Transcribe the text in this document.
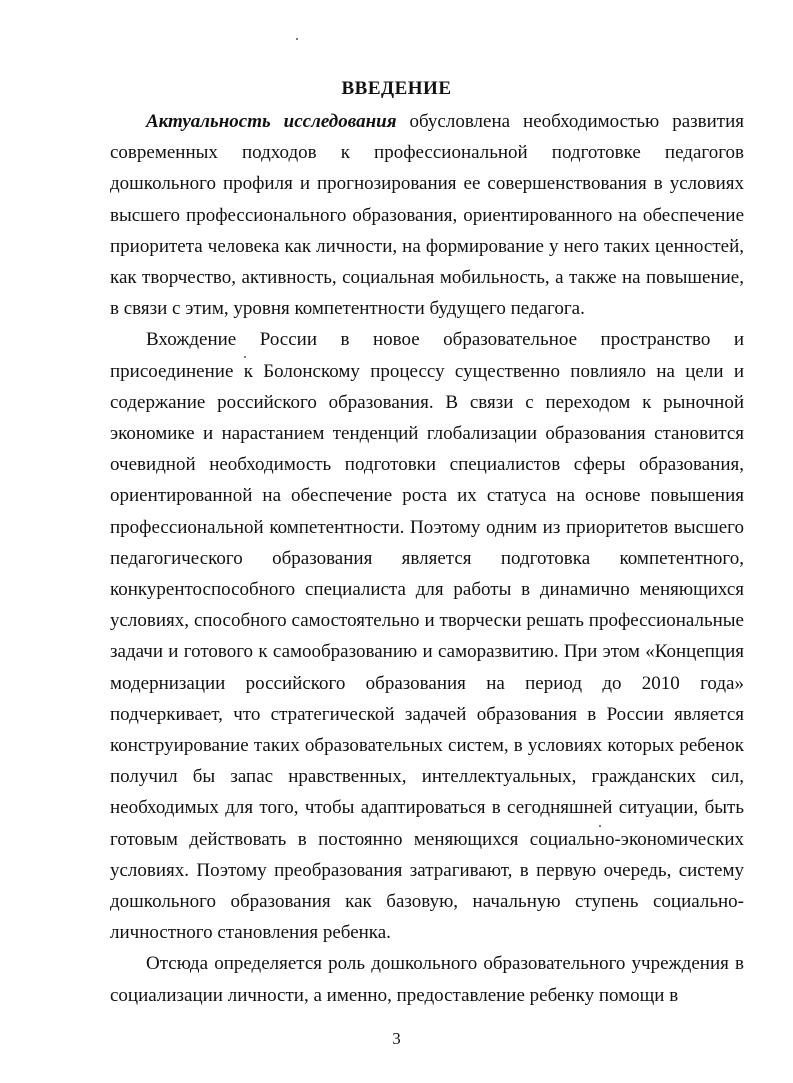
ВВЕДЕНИЕ

Актуальность исследования обусловлена необходимостью развития современных подходов к профессиональной подготовке педагогов дошкольного профиля и прогнозирования ее совершенствования в условиях высшего профессионального образования, ориентированного на обеспечение приоритета человека как личности, на формирование у него таких ценностей, как творчество, активность, социальная мобильность, а также на повышение, в связи с этим, уровня компетентности будущего педагога.

Вхождение России в новое образовательное пространство и присоединение к Болонскому процессу существенно повлияло на цели и содержание российского образования. В связи с переходом к рыночной экономике и нарастанием тенденций глобализации образования становится очевидной необходимость подготовки специалистов сферы образования, ориентированной на обеспечение роста их статуса на основе повышения профессиональной компетентности. Поэтому одним из приоритетов высшего педагогического образования является подготовка компетентного, конкурентоспособного специалиста для работы в динамично меняющихся условиях, способного самостоятельно и творчески решать профессиональные задачи и готового к самообразованию и саморазвитию. При этом «Концепция модернизации российского образования на период до 2010 года» подчеркивает, что стратегической задачей образования в России является конструирование таких образовательных систем, в условиях которых ребенок получил бы запас нравственных, интеллектуальных, гражданских сил, необходимых для того, чтобы адаптироваться в сегодняшней ситуации, быть готовым действовать в постоянно меняющихся социально-экономических условиях. Поэтому преобразования затрагивают, в первую очередь, систему дошкольного образования как базовую, начальную ступень социально-личностного становления ребенка.

Отсюда определяется роль дошкольного образовательного учреждения в социализации личности, а именно, предоставление ребенку помощи в

3
